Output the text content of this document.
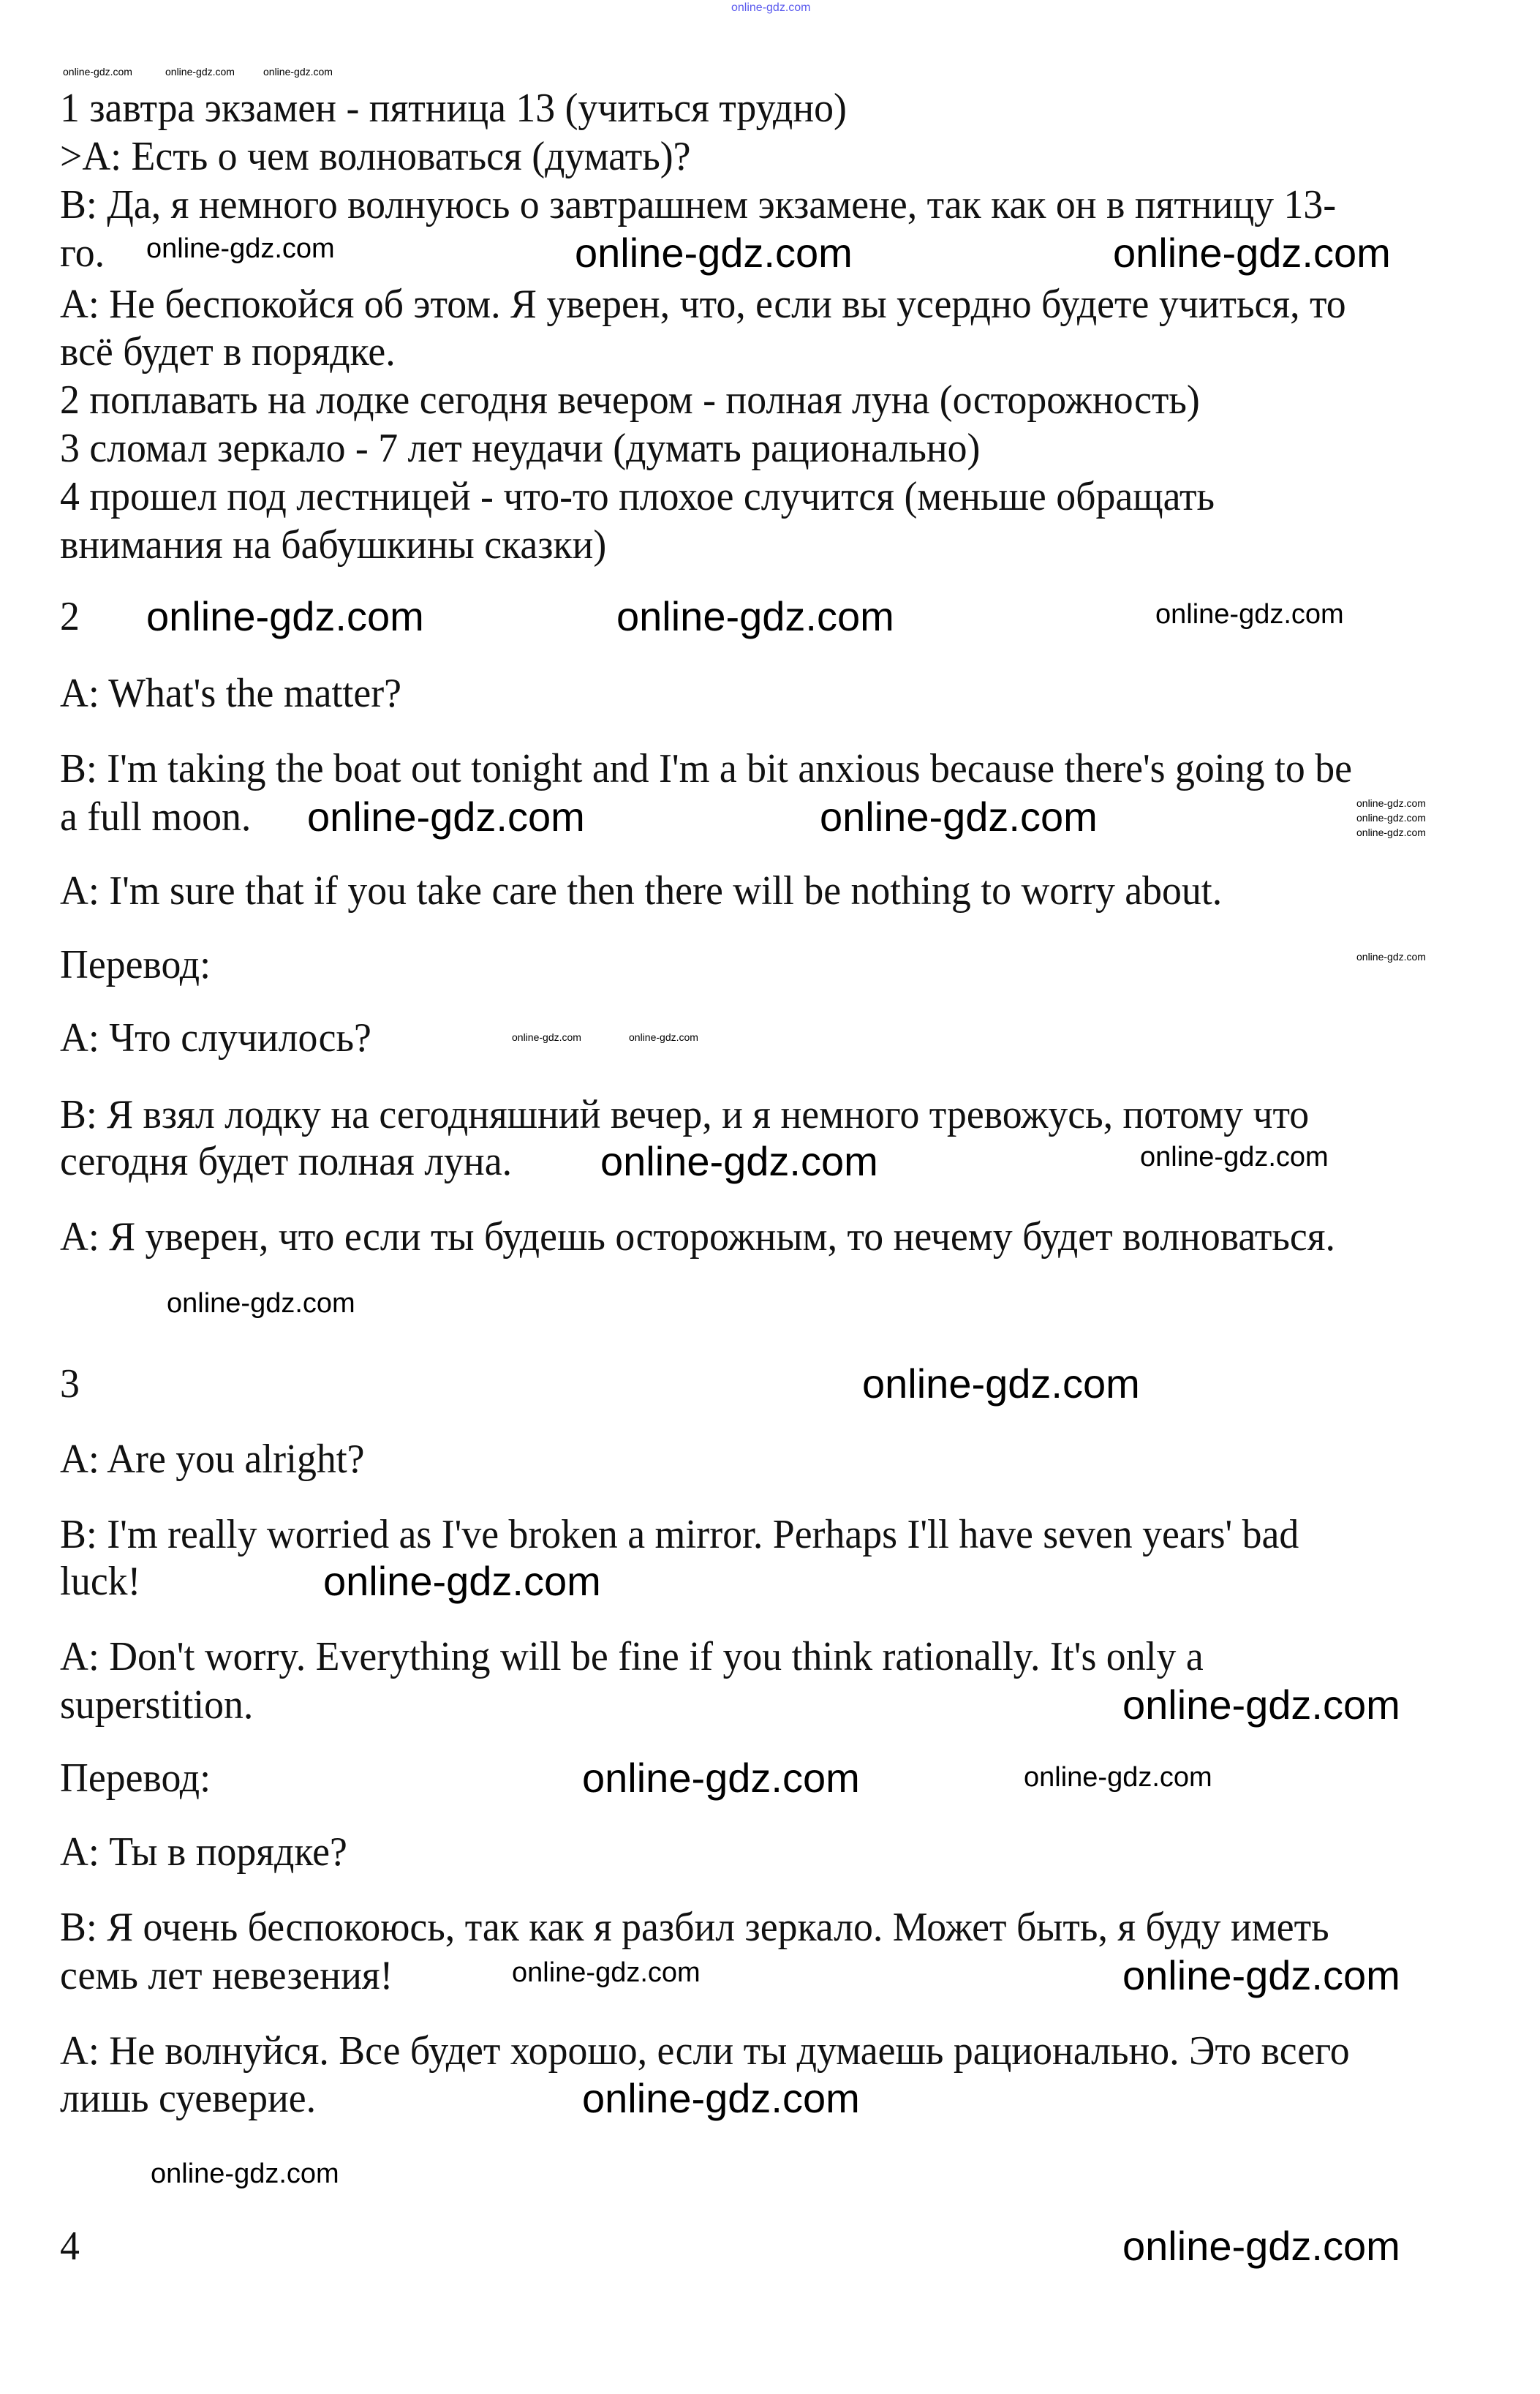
online-gdz.com
1 завтра экзамен - пятница 13 (учиться трудно)
>A: Есть о чем волноваться (думать)?
B: Да, я немного волнуюсь о завтрашнем экзамене, так как он в пятницу 13-
го.
A: Не беспокойся об этом. Я уверен, что, если вы усердно будете учиться, то
всё будет в порядке.
2 поплавать на лодке сегодня вечером - полная луна (осторожность)
3 сломал зеркало - 7 лет неудачи (думать рационально)
4 прошел под лестницей - что-то плохое случится (меньше обращать
внимания на бабушкины сказки)
2
A: What's the matter?
B: I'm taking the boat out tonight and I'm a bit anxious because there's going to be
a full moon.
A: I'm sure that if you take care then there will be nothing to worry about.
Перевод:
A: Что случилось?
B: Я взял лодку на сегодняшний вечер, и я немного тревожусь, потому что
сегодня будет полная луна.
A: Я уверен, что если ты будешь осторожным, то нечему будет волноваться.
3
A: Are you alright?
B: I'm really worried as I've broken a mirror. Perhaps I'll have seven years' bad
luck!
A: Don't worry. Everything will be fine if you think rationally. It's only a
superstition.
Перевод:
A: Ты в порядке?
B: Я очень беспокоюсь, так как я разбил зеркало. Может быть, я буду иметь
семь лет невезения!
A: Не волнуйся. Все будет хорошо, если ты думаешь рационально. Это всего
лишь суеверие.
4
online-gdz.com	online-gdz.com
online-gdz.com	online-gdz.com
online-gdz.com	online-gdz.com
online-gdz.com
online-gdz.com
online-gdz.com
online-gdz.com
online-gdz.com
online-gdz.com
online-gdz.com
online-gdz.com
online-gdz.com
online-gdz.com
online-gdz.com
online-gdz.com
online-gdz.com
online-gdz.com
online-gdz.com
online-gdz.com	online-gdz.com	online-gdz.com
online-gdz.com
online-gdz.com
online-gdz.com
online-gdz.com
online-gdz.com	online-gdz.com
